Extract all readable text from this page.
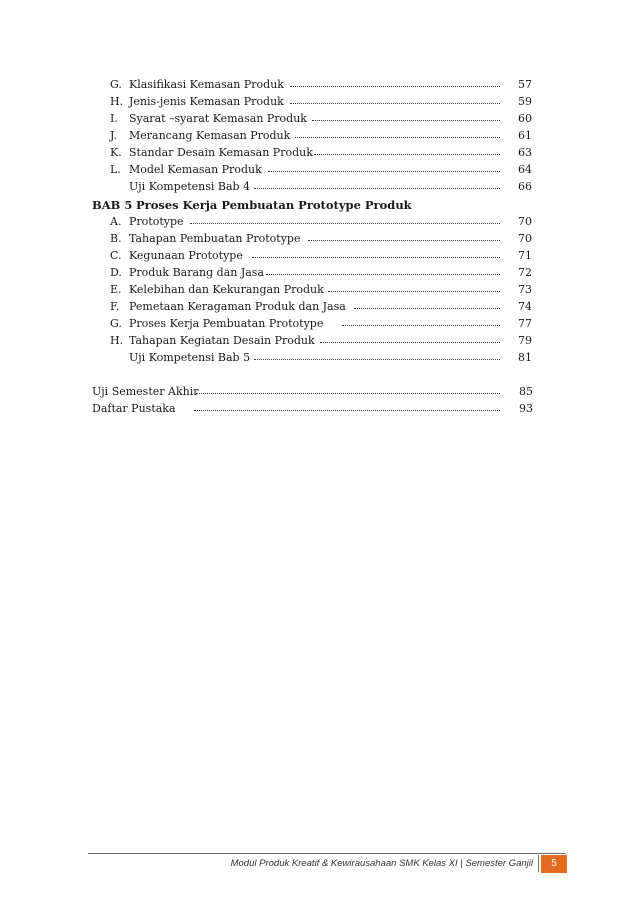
G. Klasifikasi Kemasan Produk	57
H. Jenis-jenis Kemasan Produk	59
I. Syarat –syarat Kemasan Produk	60
J. Merancang Kemasan Produk	61
K. Standar Desain Kemasan Produk	63
L. Model Kemasan Produk	64
Uji Kompetensi Bab 4	66
BAB 5 Proses Kerja Pembuatan Prototype Produk
A. Prototype	70
B. Tahapan Pembuatan Prototype	70
C. Kegunaan Prototype	71
D. Produk Barang dan Jasa	72
E. Kelebihan dan Kekurangan Produk	73
F. Pemetaan Keragaman Produk dan Jasa	74
G. Proses Kerja Pembuatan Prototype	77
H. Tahapan Kegiatan Desain Produk	79
Uji Kompetensi Bab 5	81
Uji Semester Akhir	85
Daftar Pustaka	93
Modul Produk Kreatif & Kewirausahaan SMK Kelas XI | Semester Ganjil	5
